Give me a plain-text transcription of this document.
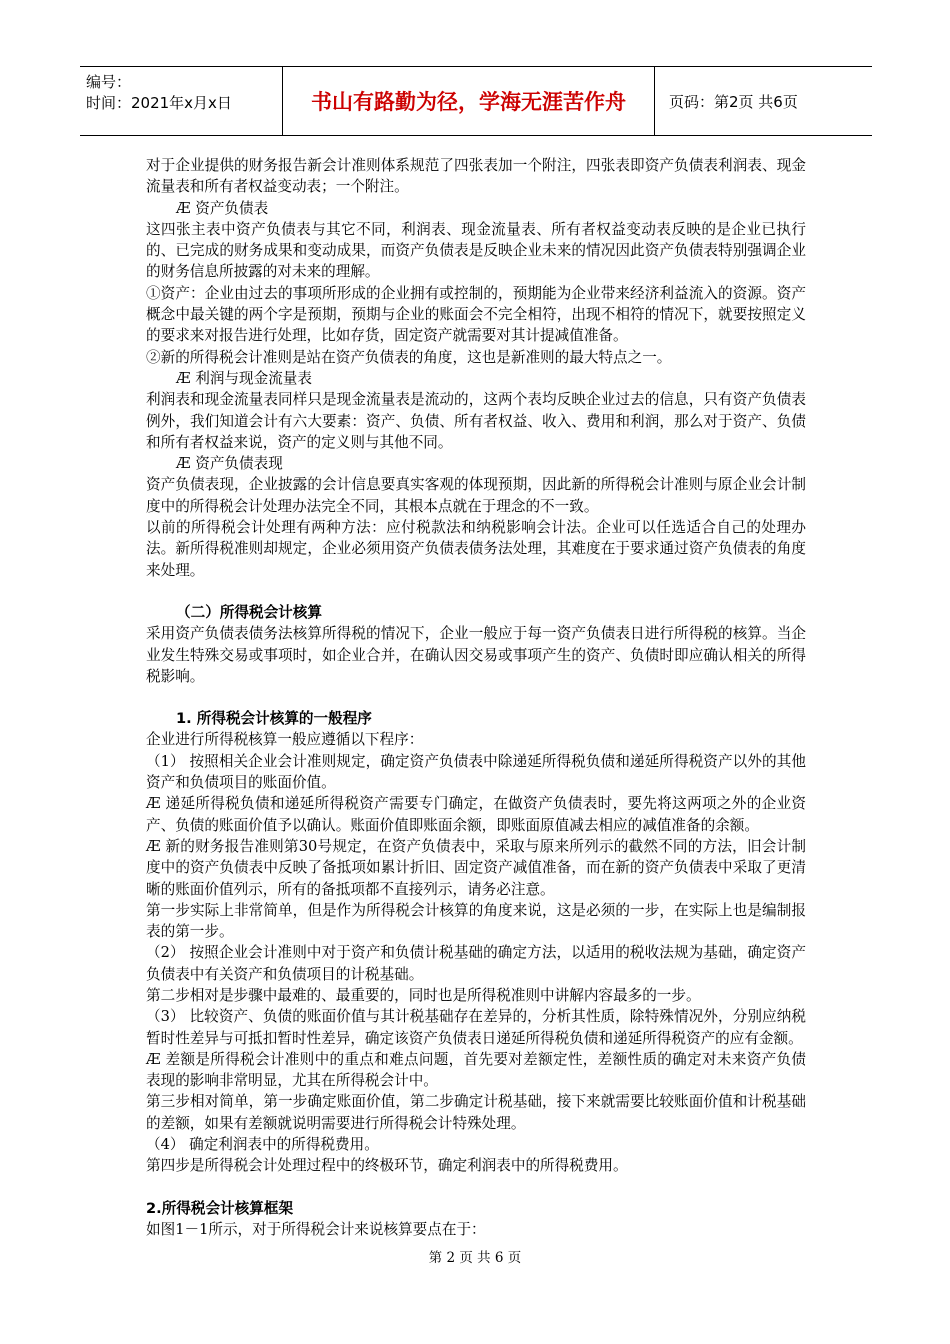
编号：
时间：2021年x月x日	书山有路勤为径，学海无涯苦作舟	页码：第2页 共6页

对于企业提供的财务报告新会计准则体系规范了四张表加一个附注，四张表即资产负债表利润表、现金流量表和所有者权益变动表；一个附注。

Æ 资产负债表

这四张主表中资产负债表与其它不同，利润表、现金流量表、所有者权益变动表反映的是企业已执行的、已完成的财务成果和变动成果，而资产负债表是反映企业未来的情况因此资产负债表特别强调企业的财务信息所披露的对未来的理解。

①资产：企业由过去的事项所形成的企业拥有或控制的，预期能为企业带来经济利益流入的资源。资产概念中最关键的两个字是预期，预期与企业的账面会不完全相符，出现不相符的情况下，就要按照定义的要求来对报告进行处理，比如存货，固定资产就需要对其计提减值准备。

②新的所得税会计准则是站在资产负债表的角度，这也是新准则的最大特点之一。

Æ 利润与现金流量表

利润表和现金流量表同样只是现金流量表是流动的，这两个表均反映企业过去的信息，只有资产负债表例外，我们知道会计有六大要素：资产、负债、所有者权益、收入、费用和利润，那么对于资产、负债和所有者权益来说，资产的定义则与其他不同。

Æ 资产负债表现

资产负债表现，企业披露的会计信息要真实客观的体现预期，因此新的所得税会计准则与原企业会计制度中的所得税会计处理办法完全不同，其根本点就在于理念的不一致。

以前的所得税会计处理有两种方法：应付税款法和纳税影响会计法。企业可以任选适合自己的处理办法。新所得税准则却规定，企业必须用资产负债表债务法处理，其难度在于要求通过资产负债表的角度来处理。

（二）所得税会计核算

采用资产负债表债务法核算所得税的情况下，企业一般应于每一资产负债表日进行所得税的核算。当企业发生特殊交易或事项时，如企业合并，在确认因交易或事项产生的资产、负债时即应确认相关的所得税影响。

1. 所得税会计核算的一般程序

企业进行所得税核算一般应遵循以下程序：

（1） 按照相关企业会计准则规定，确定资产负债表中除递延所得税负债和递延所得税资产以外的其他资产和负债项目的账面价值。

Æ 递延所得税负债和递延所得税资产需要专门确定，在做资产负债表时，要先将这两项之外的企业资产、负债的账面价值予以确认。账面价值即账面余额，即账面原值减去相应的减值准备的余额。

Æ 新的财务报告准则第30号规定，在资产负债表中，采取与原来所列示的截然不同的方法，旧会计制度中的资产负债表中反映了备抵项如累计折旧、固定资产减值准备，而在新的资产负债表中采取了更清晰的账面价值列示，所有的备抵项都不直接列示，请务必注意。

第一步实际上非常简单，但是作为所得税会计核算的角度来说，这是必须的一步，在实际上也是编制报表的第一步。

（2） 按照企业会计准则中对于资产和负债计税基础的确定方法，以适用的税收法规为基础，确定资产负债表中有关资产和负债项目的计税基础。

第二步相对是步骤中最难的、最重要的，同时也是所得税准则中讲解内容最多的一步。

（3） 比较资产、负债的账面价值与其计税基础存在差异的，分析其性质，除特殊情况外，分别应纳税暂时性差异与可抵扣暂时性差异，确定该资产负债表日递延所得税负债和递延所得税资产的应有金额。

Æ 差额是所得税会计准则中的重点和难点问题，首先要对差额定性，差额性质的确定对未来资产负债表现的影响非常明显，尤其在所得税会计中。

第三步相对简单，第一步确定账面价值，第二步确定计税基础，接下来就需要比较账面价值和计税基础的差额，如果有差额就说明需要进行所得税会计特殊处理。

（4） 确定利润表中的所得税费用。

第四步是所得税会计处理过程中的终极环节，确定利润表中的所得税费用。

2.所得税会计核算框架

如图1－1所示，对于所得税会计来说核算要点在于：

第 2 页 共 6 页
